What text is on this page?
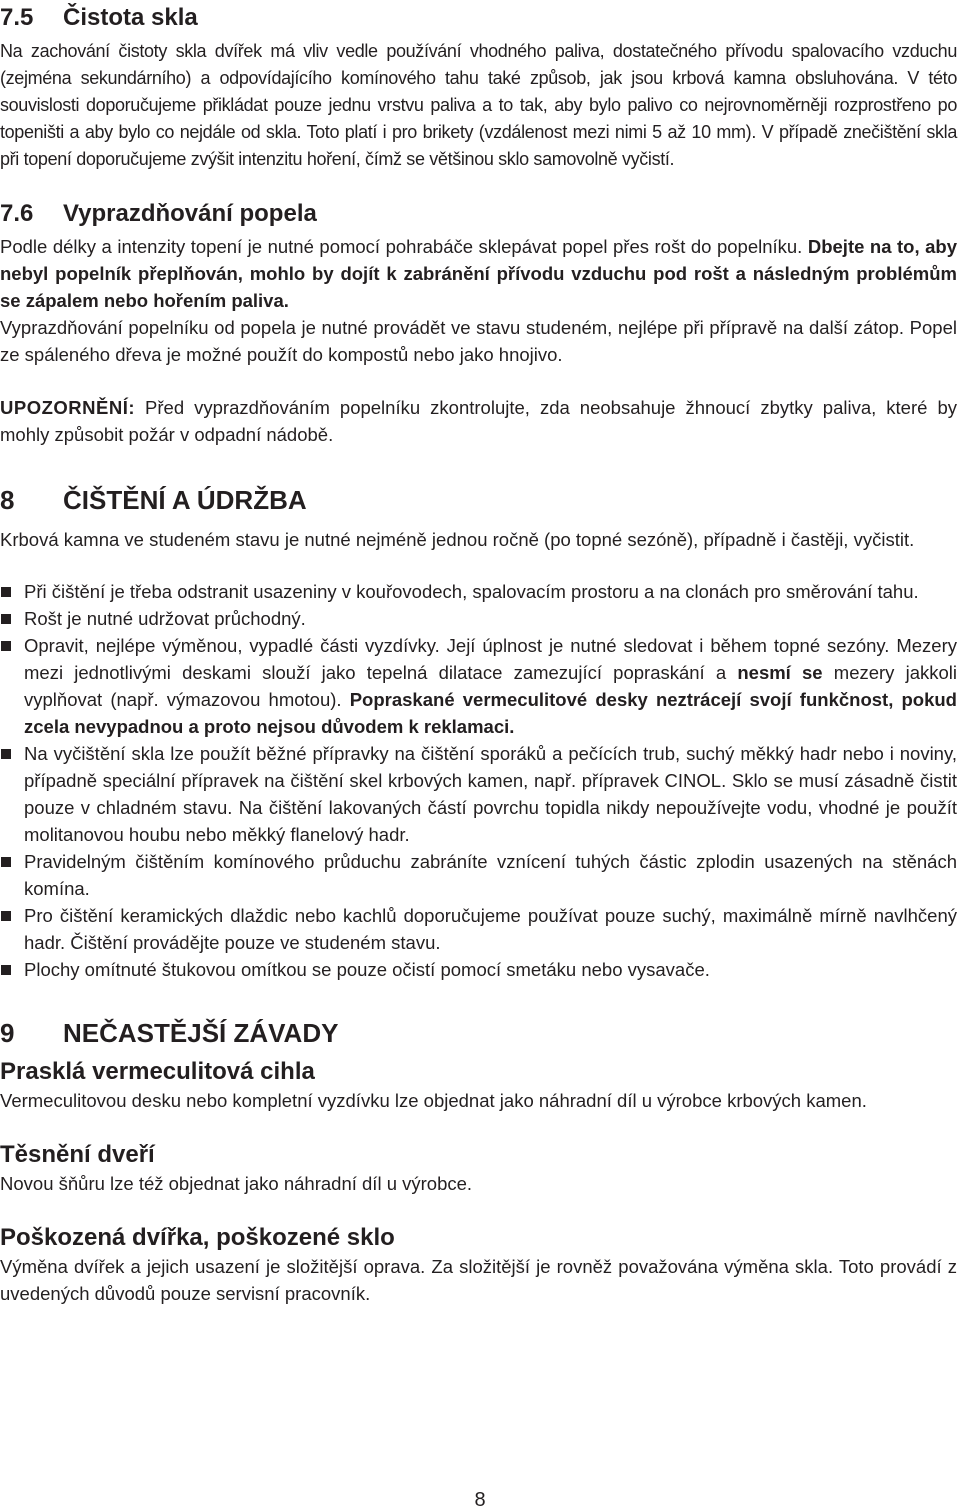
7.5 Čistota skla

Na zachování čistoty skla dvířek má vliv vedle používání vhodného paliva, dostatečného přívodu spalovacího vzduchu (zejména sekundárního) a odpovídajícího komínového tahu také způsob, jak jsou krbová kamna obsluhována. V této souvislosti doporučujeme přikládat pouze jednu vrstvu paliva a to tak, aby bylo palivo co nejrovnoměrněji rozprostřeno po topeništi a aby bylo co nejdále od skla. Toto platí i pro brikety (vzdálenost mezi nimi 5 až 10 mm). V případě znečištění skla při topení doporučujeme zvýšit intenzitu hoření, čímž se většinou sklo samovolně vyčistí.

7.6 Vyprazdňování popela

Podle délky a intenzity topení je nutné pomocí pohrabáče sklepávat popel přes rošt do popelníku. Dbejte na to, aby nebyl popelník přeplňován, mohlo by dojít k zabránění přívodu vzduchu pod rošt a následným problémům se zápalem nebo hořením paliva.

Vyprazdňování popelníku od popela je nutné provádět ve stavu studeném, nejlépe při přípravě na další zátop. Popel ze spáleného dřeva je možné použít do kompostů nebo jako hnojivo.

UPOZORNĚNÍ: Před vyprazdňováním popelníku zkontrolujte, zda neobsahuje žhnoucí zbytky paliva, které by mohly způsobit požár v odpadní nádobě.

8 ČIŠTĚNÍ A ÚDRŽBA

Krbová kamna ve studeném stavu je nutné nejméně jednou ročně (po topné sezóně), případně i častěji, vyčistit.

Při čištění je třeba odstranit usazeniny v kouřovodech, spalovacím prostoru a na clonách pro směrování tahu.
Rošt je nutné udržovat průchodný.
Opravit, nejlépe výměnou, vypadlé části vyzdívky. Její úplnost je nutné sledovat i během topné sezóny. Mezery mezi jednotlivými deskami slouží jako tepelná dilatace zamezující popraskání a nesmí se mezery jakkoli vyplňovat (např. výmazovou hmotou). Popraskané vermeculitové desky neztrácejí svojí funkčnost, pokud zcela nevypadnou a proto nejsou důvodem k reklamaci.
Na vyčištění skla lze použít běžné přípravky na čištění sporáků a pečících trub, suchý měkký hadr nebo i noviny, případně speciální přípravek na čištění skel krbových kamen, např. přípravek CINOL. Sklo se musí zásadně čistit pouze v chladném stavu. Na čištění lakovaných částí povrchu topidla nikdy nepoužívejte vodu, vhodné je použít molitanovou houbu nebo měkký flanelový hadr.
Pravidelným čištěním komínového průduchu zabráníte vznícení tuhých částic zplodin usazených na stěnách komína.
Pro čištění keramických dlaždic nebo kachlů doporučujeme používat pouze suchý, maximálně mírně navlhčený hadr. Čištění provádějte pouze ve studeném stavu.
Plochy omítnuté štukovou omítkou se pouze očistí pomocí smetáku nebo vysavače.
9 NEČASTĚJŠÍ ZÁVADY
Prasklá vermeculitová cihla

Vermeculitovou desku nebo kompletní vyzdívku lze objednat jako náhradní díl u výrobce krbových kamen.

Těsnění dveří

Novou šňůru lze též objednat jako náhradní díl u výrobce.

Poškozená dvířka, poškozené sklo

Výměna dvířek a jejich usazení je složitější oprava. Za složitější je rovněž považována výměna skla. Toto provádí z uvedených důvodů pouze servisní pracovník.

8
